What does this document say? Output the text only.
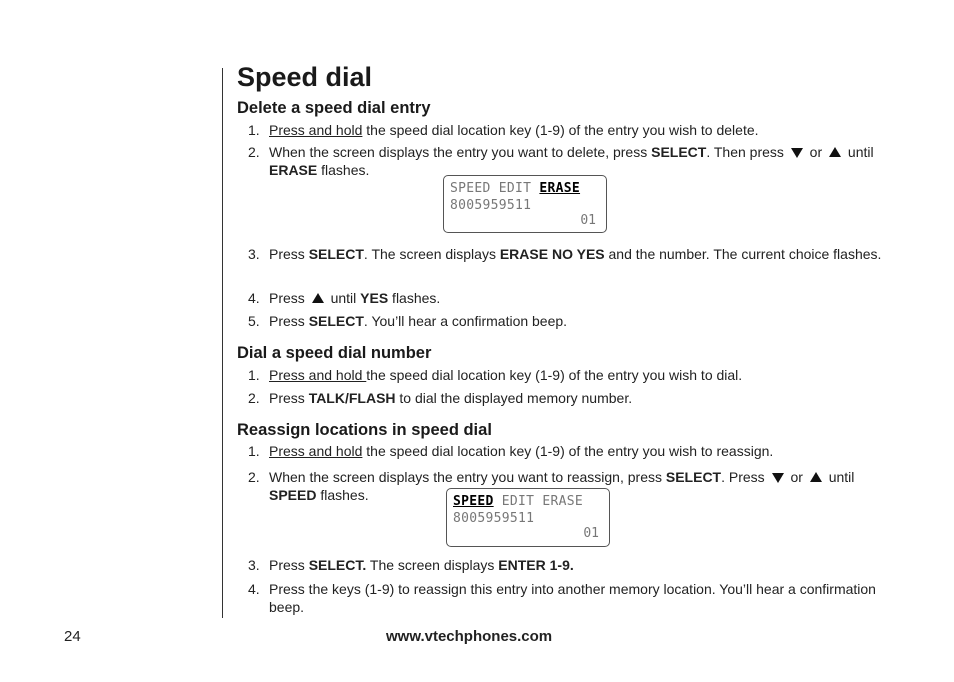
Speed dial
Delete a speed dial entry
1. Press and hold the speed dial location key (1-9) of the entry you wish to delete.
2. When the screen displays the entry you want to delete, press SELECT. Then press  or  until
ERASE flashes.
SPEED EDIT ERASE
8005959511
01
3. Press SELECT. The screen displays ERASE NO YES and the number. The current choice flashes.
4. Press  until YES flashes.
5. Press SELECT. You’ll hear a confirmation beep.
Dial a speed dial number
1. Press and hold the speed dial location key (1-9) of the entry you wish to dial.
2. Press TALK/FLASH to dial the displayed memory number.
Reassign locations in speed dial
1. Press and hold the speed dial location key (1-9) of the entry you wish to reassign.
2. When the screen displays the entry you want to reassign, press SELECT. Press  or  until
SPEED flashes.	SPEED EDIT ERASE
8005959511
01
3. Press SELECT. The screen displays ENTER 1-9.
4. Press the keys (1-9) to reassign this entry into another memory location. You’ll hear a confirmation beep.
24	www.vtechphones.com
